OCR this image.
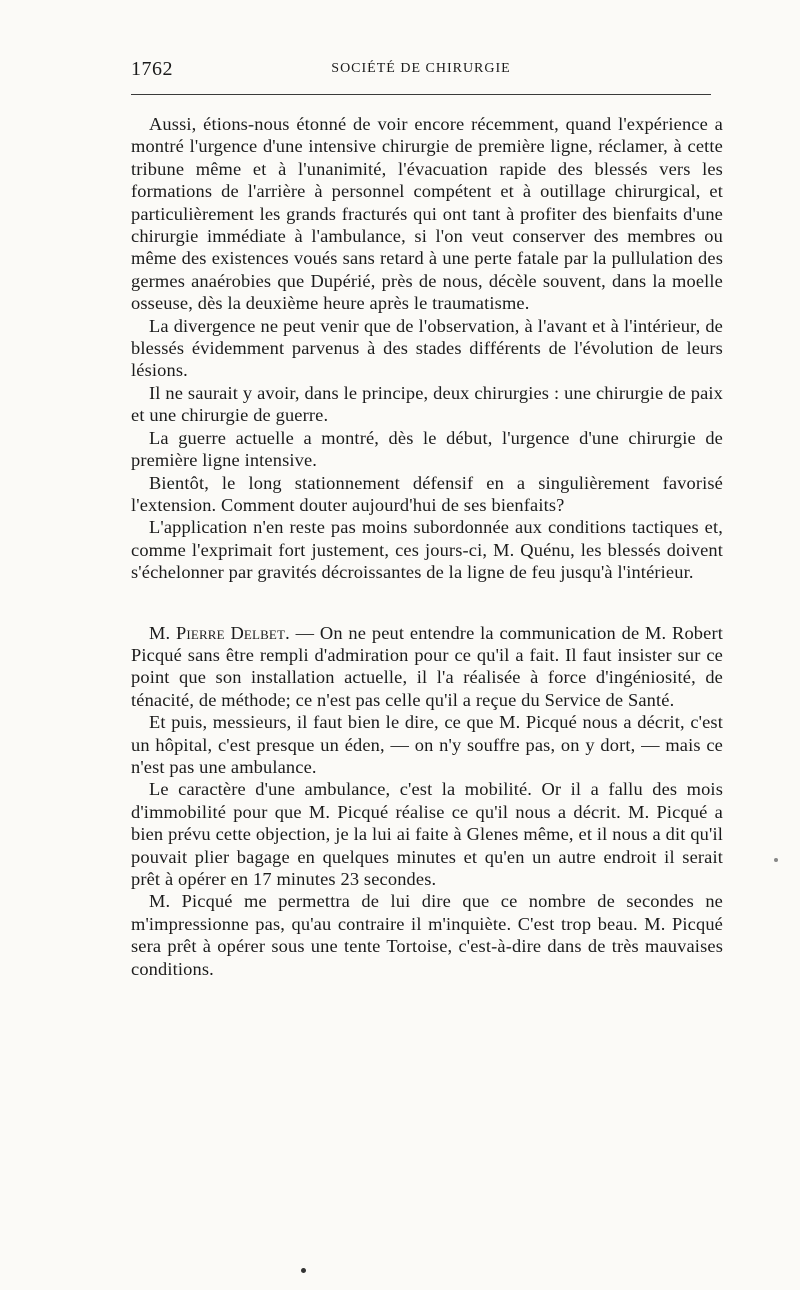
1762	SOCIÉTÉ DE CHIRURGIE

Aussi, étions-nous étonné de voir encore récemment, quand l'expérience a montré l'urgence d'une intensive chirurgie de première ligne, réclamer, à cette tribune même et à l'unanimité, l'évacuation rapide des blessés vers les formations de l'arrière à personnel compétent et à outillage chirurgical, et particulièrement les grands fracturés qui ont tant à profiter des bienfaits d'une chirurgie immédiate à l'ambulance, si l'on veut conserver des membres ou même des existences voués sans retard à une perte fatale par la pullulation des germes anaérobies que Dupérié, près de nous, décèle souvent, dans la moelle osseuse, dès la deuxième heure après le traumatisme.

La divergence ne peut venir que de l'observation, à l'avant et à l'intérieur, de blessés évidemment parvenus à des stades différents de l'évolution de leurs lésions.

Il ne saurait y avoir, dans le principe, deux chirurgies : une chirurgie de paix et une chirurgie de guerre.

La guerre actuelle a montré, dès le début, l'urgence d'une chirurgie de première ligne intensive.

Bientôt, le long stationnement défensif en a singulièrement favorisé l'extension. Comment douter aujourd'hui de ses bienfaits?

L'application n'en reste pas moins subordonnée aux conditions tactiques et, comme l'exprimait fort justement, ces jours-ci, M. Quénu, les blessés doivent s'échelonner par gravités décroissantes de la ligne de feu jusqu'à l'intérieur.

M. Pierre Delbet. — On ne peut entendre la communication de M. Robert Picqué sans être rempli d'admiration pour ce qu'il a fait. Il faut insister sur ce point que son installation actuelle, il l'a réalisée à force d'ingéniosité, de ténacité, de méthode; ce n'est pas celle qu'il a reçue du Service de Santé.

Et puis, messieurs, il faut bien le dire, ce que M. Picqué nous a décrit, c'est un hôpital, c'est presque un éden, — on n'y souffre pas, on y dort, — mais ce n'est pas une ambulance.

Le caractère d'une ambulance, c'est la mobilité. Or il a fallu des mois d'immobilité pour que M. Picqué réalise ce qu'il nous a décrit. M. Picqué a bien prévu cette objection, je la lui ai faite à Glenes même, et il nous a dit qu'il pouvait plier bagage en quelques minutes et qu'en un autre endroit il serait prêt à opérer en 17 minutes 23 secondes.

M. Picqué me permettra de lui dire que ce nombre de secondes ne m'impressionne pas, qu'au contraire il m'inquiète. C'est trop beau. M. Picqué sera prêt à opérer sous une tente Tortoise, c'est-à-dire dans de très mauvaises conditions.
